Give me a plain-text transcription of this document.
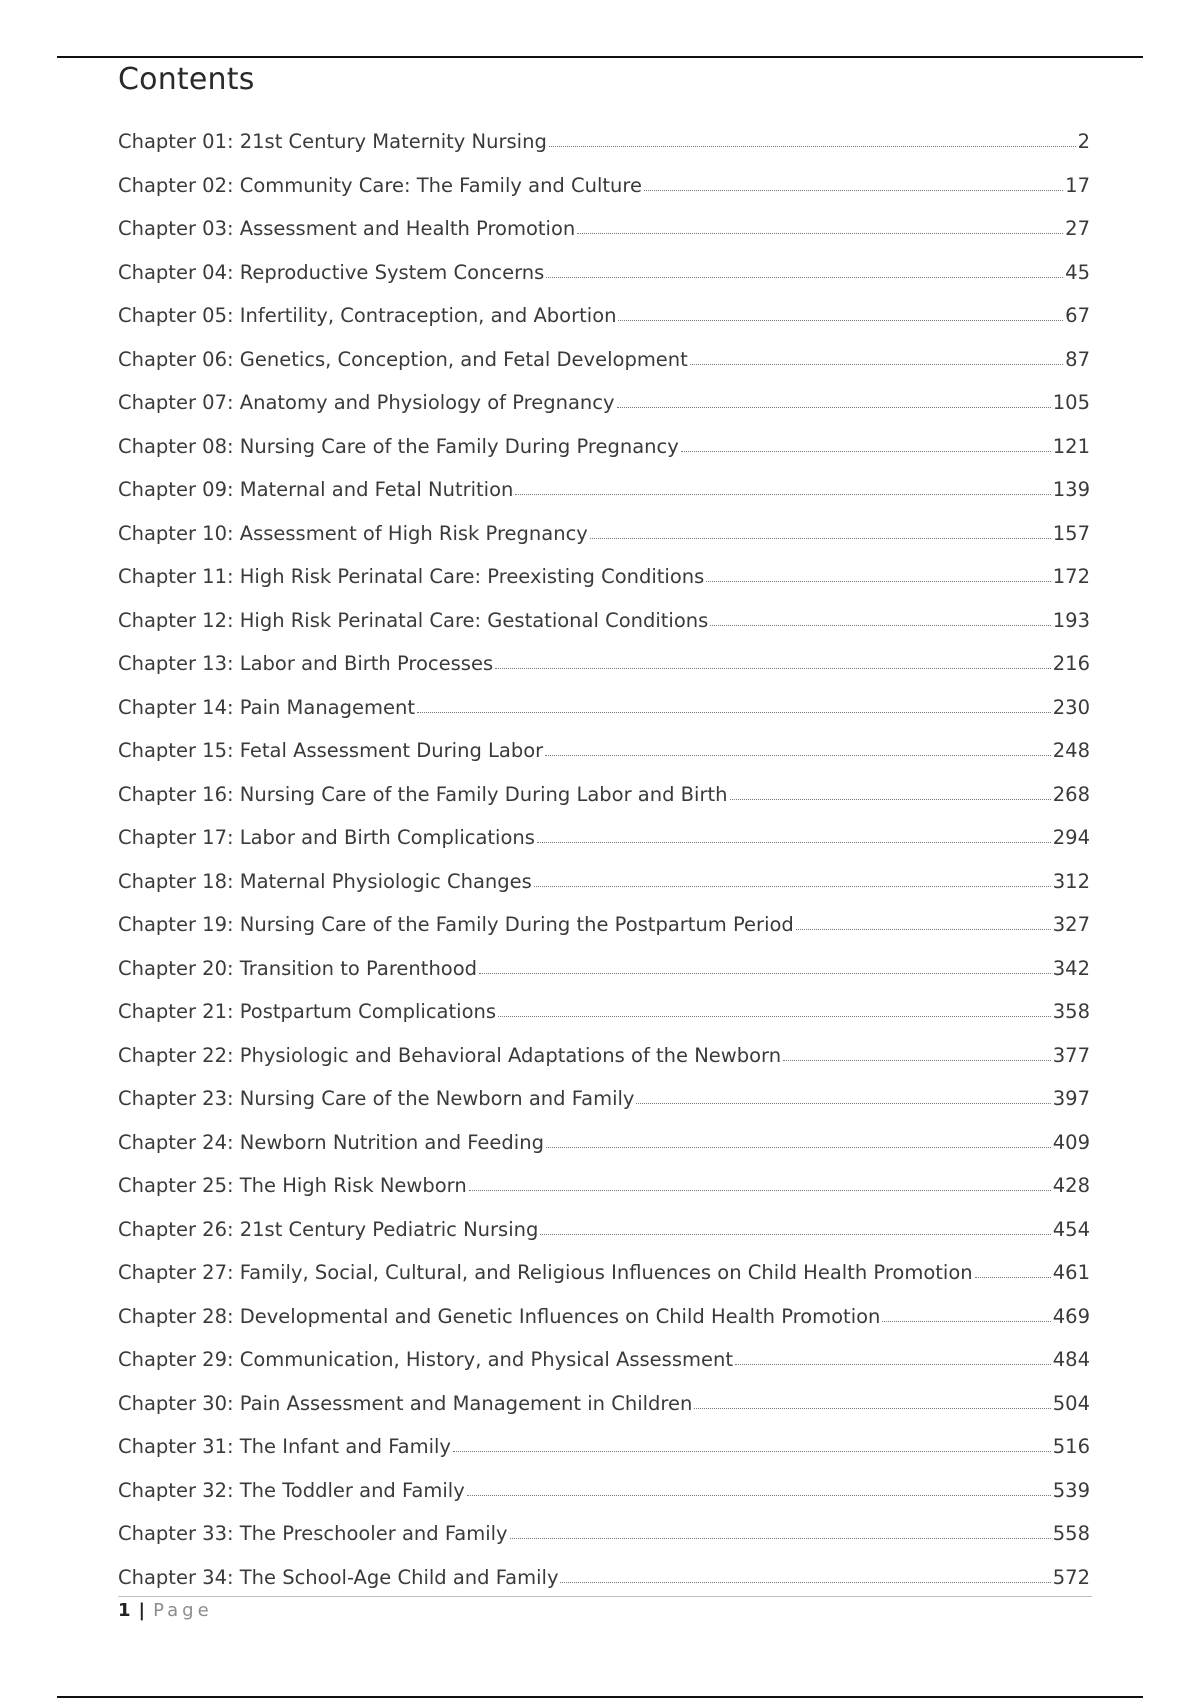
Contents
Chapter 01: 21st Century Maternity Nursing	2
Chapter 02: Community Care: The Family and Culture	17
Chapter 03: Assessment and Health Promotion	27
Chapter 04: Reproductive System Concerns	45
Chapter 05: Infertility, Contraception, and Abortion	67
Chapter 06: Genetics, Conception, and Fetal Development	87
Chapter 07: Anatomy and Physiology of Pregnancy	105
Chapter 08: Nursing Care of the Family During Pregnancy	121
Chapter 09: Maternal and Fetal Nutrition	139
Chapter 10: Assessment of High Risk Pregnancy	157
Chapter 11: High Risk Perinatal Care: Preexisting Conditions	172
Chapter 12: High Risk Perinatal Care: Gestational Conditions	193
Chapter 13: Labor and Birth Processes	216
Chapter 14: Pain Management	230
Chapter 15: Fetal Assessment During Labor	248
Chapter 16: Nursing Care of the Family During Labor and Birth	268
Chapter 17: Labor and Birth Complications	294
Chapter 18: Maternal Physiologic Changes	312
Chapter 19: Nursing Care of the Family During the Postpartum Period	327
Chapter 20: Transition to Parenthood	342
Chapter 21: Postpartum Complications	358
Chapter 22: Physiologic and Behavioral Adaptations of the Newborn	377
Chapter 23: Nursing Care of the Newborn and Family	397
Chapter 24: Newborn Nutrition and Feeding	409
Chapter 25: The High Risk Newborn	428
Chapter 26: 21st Century Pediatric Nursing	454
Chapter 27: Family, Social, Cultural, and Religious Influences on Child Health Promotion	461
Chapter 28: Developmental and Genetic Influences on Child Health Promotion	469
Chapter 29: Communication, History, and Physical Assessment	484
Chapter 30: Pain Assessment and Management in Children	504
Chapter 31: The Infant and Family	516
Chapter 32: The Toddler and Family	539
Chapter 33: The Preschooler and Family	558
Chapter 34: The School-Age Child and Family	572
1 | Page
